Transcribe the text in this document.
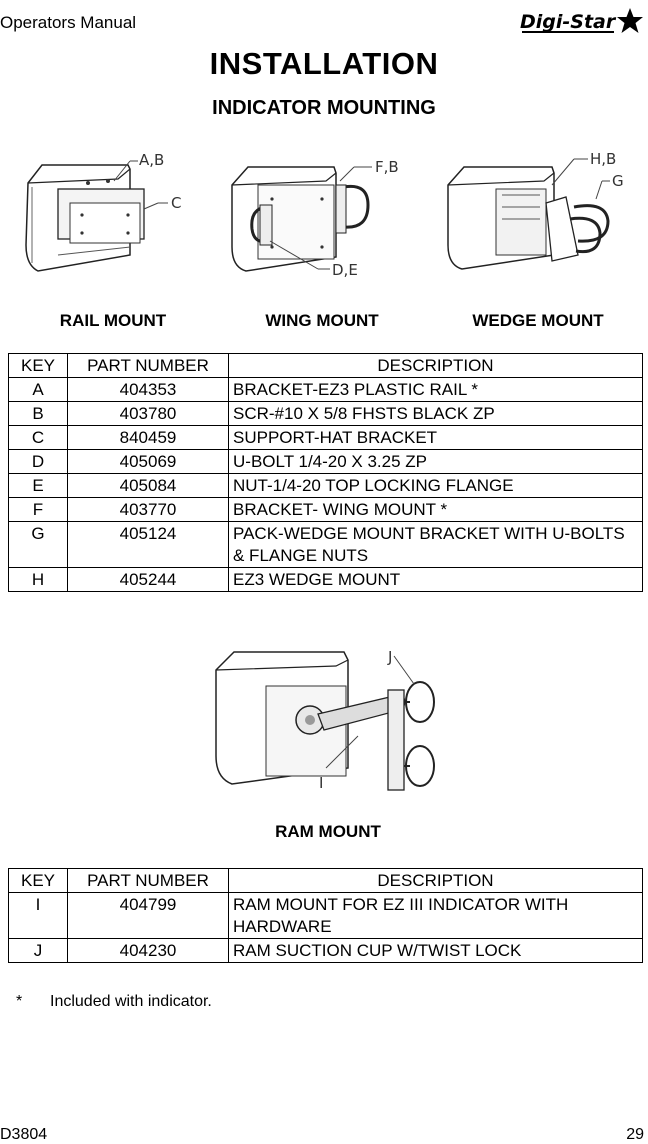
Operators Manual	Digi-Star
INSTALLATION
INDICATOR MOUNTING
A,B
C
RAIL MOUNT
F,B
D,E
WING MOUNT
H,B
G
WEDGE MOUNT
KEY	PART NUMBER	DESCRIPTION
A	404353	BRACKET-EZ3 PLASTIC RAIL *
B	403780	SCR-#10 X 5/8 FHSTS BLACK ZP
C	840459	SUPPORT-HAT BRACKET
D	405069	U-BOLT 1/4-20 X 3.25 ZP
E	405084	NUT-1/4-20 TOP LOCKING FLANGE
F	403770	BRACKET- WING MOUNT *
G	405124	PACK-WEDGE MOUNT BRACKET WITH U-BOLTS & FLANGE NUTS
H	405244	EZ3 WEDGE MOUNT
J
I
RAM MOUNT
KEY	PART NUMBER	DESCRIPTION
I	404799	RAM MOUNT FOR EZ III INDICATOR WITH HARDWARE
J	404230	RAM SUCTION CUP W/TWIST LOCK
* Included with indicator.
D3804	29
